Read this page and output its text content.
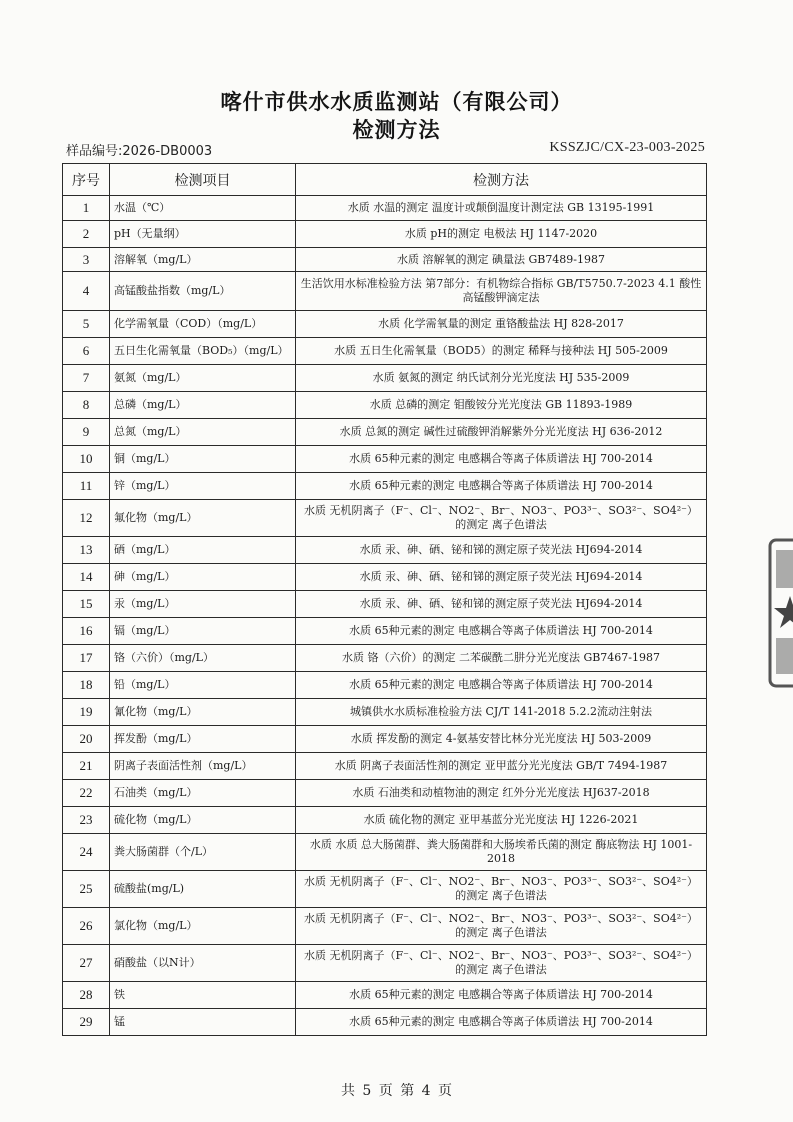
喀什市供水水质监测站（有限公司）
检测方法
样品编号:2026-DB0003	KSSZJC/CX-23-003-2025
序号	检测项目	检测方法
1	水温（℃）	水质 水温的测定 温度计或颠倒温度计测定法 GB 13195-1991
2	pH（无量纲）	水质 pH的测定 电极法 HJ 1147-2020
3	溶解氧（mg/L）	水质 溶解氧的测定 碘量法 GB7489-1987
4	高锰酸盐指数（mg/L）	生活饮用水标准检验方法 第7部分：有机物综合指标 GB/T5750.7-2023 4.1 酸性高锰酸钾滴定法
5	化学需氧量（COD）（mg/L）	水质 化学需氧量的测定 重铬酸盐法 HJ 828-2017
6	五日生化需氧量（BOD₅）（mg/L）	水质 五日生化需氧量（BOD5）的测定 稀释与接种法 HJ 505-2009
7	氨氮（mg/L）	水质 氨氮的测定 纳氏试剂分光光度法 HJ 535-2009
8	总磷（mg/L）	水质 总磷的测定 钼酸铵分光光度法 GB 11893-1989
9	总氮（mg/L）	水质 总氮的测定 碱性过硫酸钾消解紫外分光光度法 HJ 636-2012
10	铜（mg/L）	水质 65种元素的测定 电感耦合等离子体质谱法 HJ 700-2014
11	锌（mg/L）	水质 65种元素的测定 电感耦合等离子体质谱法 HJ 700-2014
12	氟化物（mg/L）	水质 无机阴离子（F⁻、Cl⁻、NO2⁻、Br⁻、NO3⁻、PO3³⁻、SO3²⁻、SO4²⁻）的测定 离子色谱法
13	硒（mg/L）	水质 汞、砷、硒、铋和锑的测定原子荧光法 HJ694-2014
14	砷（mg/L）	水质 汞、砷、硒、铋和锑的测定原子荧光法 HJ694-2014
15	汞（mg/L）	水质 汞、砷、硒、铋和锑的测定原子荧光法 HJ694-2014
16	镉（mg/L）	水质 65种元素的测定 电感耦合等离子体质谱法 HJ 700-2014
17	铬（六价）（mg/L）	水质 铬（六价）的测定 二苯碳酰二肼分光光度法 GB7467-1987
18	铅（mg/L）	水质 65种元素的测定 电感耦合等离子体质谱法 HJ 700-2014
19	氰化物（mg/L）	城镇供水水质标准检验方法 CJ/T 141-2018 5.2.2流动注射法
20	挥发酚（mg/L）	水质 挥发酚的测定 4-氨基安替比林分光光度法 HJ 503-2009
21	阴离子表面活性剂（mg/L）	水质 阴离子表面活性剂的测定 亚甲蓝分光光度法 GB/T 7494-1987
22	石油类（mg/L）	水质 石油类和动植物油的测定 红外分光光度法 HJ637-2018
23	硫化物（mg/L）	水质 硫化物的测定 亚甲基蓝分光光度法 HJ 1226-2021
24	粪大肠菌群（个/L）	水质 水质 总大肠菌群、粪大肠菌群和大肠埃希氏菌的测定 酶底物法 HJ 1001-2018
25	硫酸盐(mg/L)	水质 无机阴离子（F⁻、Cl⁻、NO2⁻、Br⁻、NO3⁻、PO3³⁻、SO3²⁻、SO4²⁻）的测定 离子色谱法
26	氯化物（mg/L）	水质 无机阴离子（F⁻、Cl⁻、NO2⁻、Br⁻、NO3⁻、PO3³⁻、SO3²⁻、SO4²⁻）的测定 离子色谱法
27	硝酸盐（以N计）	水质 无机阴离子（F⁻、Cl⁻、NO2⁻、Br⁻、NO3⁻、PO3³⁻、SO3²⁻、SO4²⁻）的测定 离子色谱法
28	铁	水质 65种元素的测定 电感耦合等离子体质谱法 HJ 700-2014
29	锰	水质 65种元素的测定 电感耦合等离子体质谱法 HJ 700-2014
共 5 页 第 4 页
